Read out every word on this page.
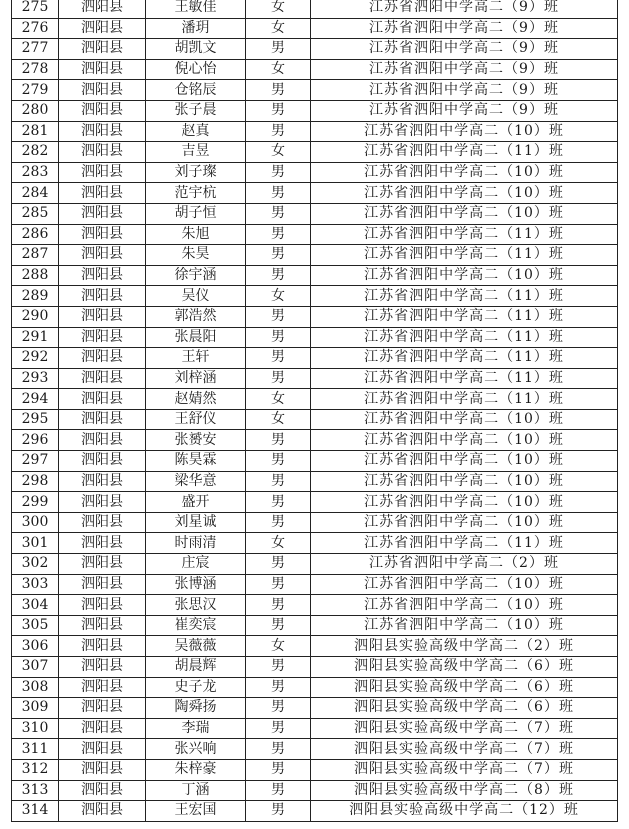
275	泗阳县	王敏佳	女	江苏省泗阳中学高二（9）班
276	泗阳县	潘玥	女	江苏省泗阳中学高二（9）班
277	泗阳县	胡凯文	男	江苏省泗阳中学高二（9）班
278	泗阳县	倪心怡	女	江苏省泗阳中学高二（9）班
279	泗阳县	仓铭辰	男	江苏省泗阳中学高二（9）班
280	泗阳县	张子晨	男	江苏省泗阳中学高二（9）班
281	泗阳县	赵真	男	江苏省泗阳中学高二（10）班
282	泗阳县	吉昱	女	江苏省泗阳中学高二（11）班
283	泗阳县	刘子璨	男	江苏省泗阳中学高二（10）班
284	泗阳县	范宇杭	男	江苏省泗阳中学高二（10）班
285	泗阳县	胡子恒	男	江苏省泗阳中学高二（10）班
286	泗阳县	朱旭	男	江苏省泗阳中学高二（11）班
287	泗阳县	朱昊	男	江苏省泗阳中学高二（11）班
288	泗阳县	徐宇涵	男	江苏省泗阳中学高二（10）班
289	泗阳县	吴仪	女	江苏省泗阳中学高二（11）班
290	泗阳县	郭浩然	男	江苏省泗阳中学高二（11）班
291	泗阳县	张晨阳	男	江苏省泗阳中学高二（11）班
292	泗阳县	王轩	男	江苏省泗阳中学高二（11）班
293	泗阳县	刘梓涵	男	江苏省泗阳中学高二（11）班
294	泗阳县	赵婧然	女	江苏省泗阳中学高二（11）班
295	泗阳县	王舒仪	女	江苏省泗阳中学高二（10）班
296	泗阳县	张赟安	男	江苏省泗阳中学高二（10）班
297	泗阳县	陈昊霖	男	江苏省泗阳中学高二（10）班
298	泗阳县	梁华意	男	江苏省泗阳中学高二（10）班
299	泗阳县	盛开	男	江苏省泗阳中学高二（10）班
300	泗阳县	刘星诚	男	江苏省泗阳中学高二（10）班
301	泗阳县	时雨清	女	江苏省泗阳中学高二（11）班
302	泗阳县	庄宸	男	江苏省泗阳中学高二（2）班
303	泗阳县	张博涵	男	江苏省泗阳中学高二（10）班
304	泗阳县	张思汉	男	江苏省泗阳中学高二（10）班
305	泗阳县	崔奕宸	男	江苏省泗阳中学高二（10）班
306	泗阳县	吴薇薇	女	泗阳县实验高级中学高二（2）班
307	泗阳县	胡晨辉	男	泗阳县实验高级中学高二（6）班
308	泗阳县	史子龙	男	泗阳县实验高级中学高二（6）班
309	泗阳县	陶舜扬	男	泗阳县实验高级中学高二（6）班
310	泗阳县	李瑞	男	泗阳县实验高级中学高二（7）班
311	泗阳县	张兴响	男	泗阳县实验高级中学高二（7）班
312	泗阳县	朱梓豪	男	泗阳县实验高级中学高二（7）班
313	泗阳县	丁涵	男	泗阳县实验高级中学高二（8）班
314	泗阳县	王宏国	男	泗阳县实验高级中学高二（12）班
